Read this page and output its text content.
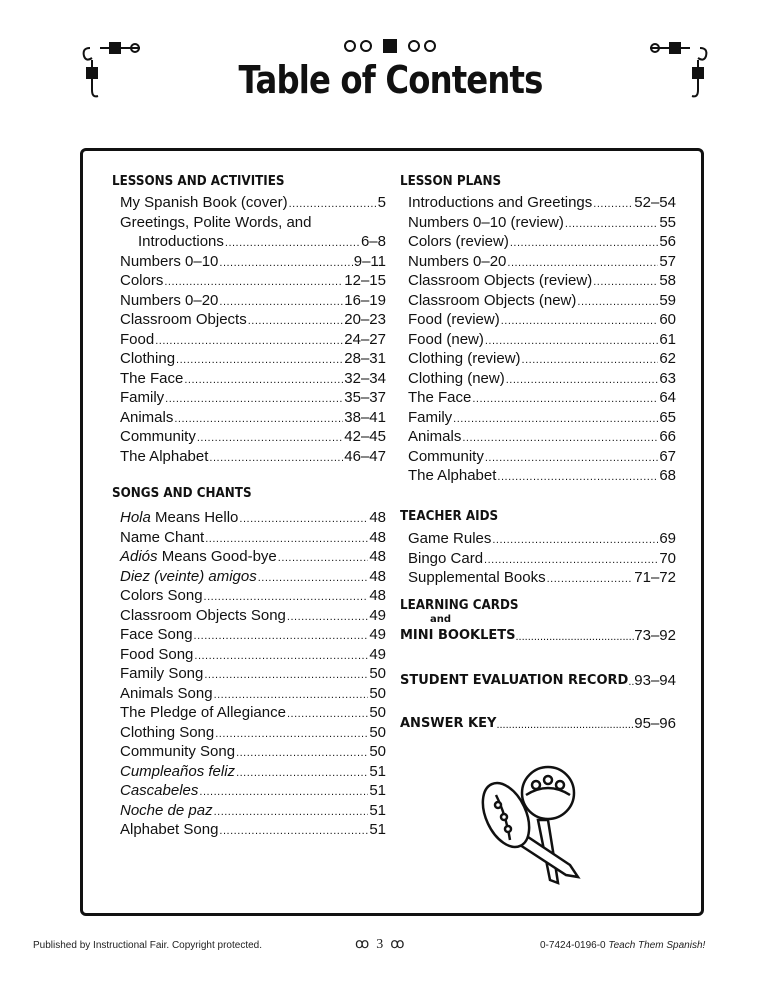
Table of Contents
LESSONS AND ACTIVITIES
My Spanish Book (cover) .....	5
Greetings, Polite Words, and
Introductions .....	6–8
Numbers 0–10 .....	9–11
Colors .....	12–15
Numbers 0–20 .....	16–19
Classroom Objects .....	20–23
Food .....	24–27
Clothing .....	28–31
The Face .....	32–34
Family .....	35–37
Animals .....	38–41
Community .....	42–45
The Alphabet .....	46–47
SONGS AND CHANTS
Hola Means Hello .....	48
Name Chant .....	48
Adiós Means Good-bye .....	48
Diez (veinte) amigos .....	48
Colors Song .....	48
Classroom Objects Song .....	49
Face Song .....	49
Food Song .....	49
Family Song .....	50
Animals Song .....	50
The Pledge of Allegiance .....	50
Clothing Song .....	50
Community Song .....	50
Cumpleaños feliz .....	51
Cascabeles .....	51
Noche de paz .....	51
Alphabet Song .....	51
LESSON PLANS
Introductions and Greetings .....	52–54
Numbers 0–10 (review) .....	55
Colors (review) .....	56
Numbers 0–20 .....	57
Classroom Objects (review) .....	58
Classroom Objects (new) .....	59
Food (review) .....	60
Food (new) .....	61
Clothing (review) .....	62
Clothing (new) .....	63
The Face .....	64
Family .....	65
Animals .....	66
Community .....	67
The Alphabet .....	68
TEACHER AIDS
Game Rules .....	69
Bingo Card .....	70
Supplemental Books .....	71–72
LEARNING CARDS
and
MINI BOOKLETS .....	73–92
STUDENT EVALUATION RECORD ..... 93–94
ANSWER KEY .....	95–96
Published by Instructional Fair. Copyright protected.	ꝏ 3 ꝏ	0-7424-0196-0 Teach Them Spanish!
